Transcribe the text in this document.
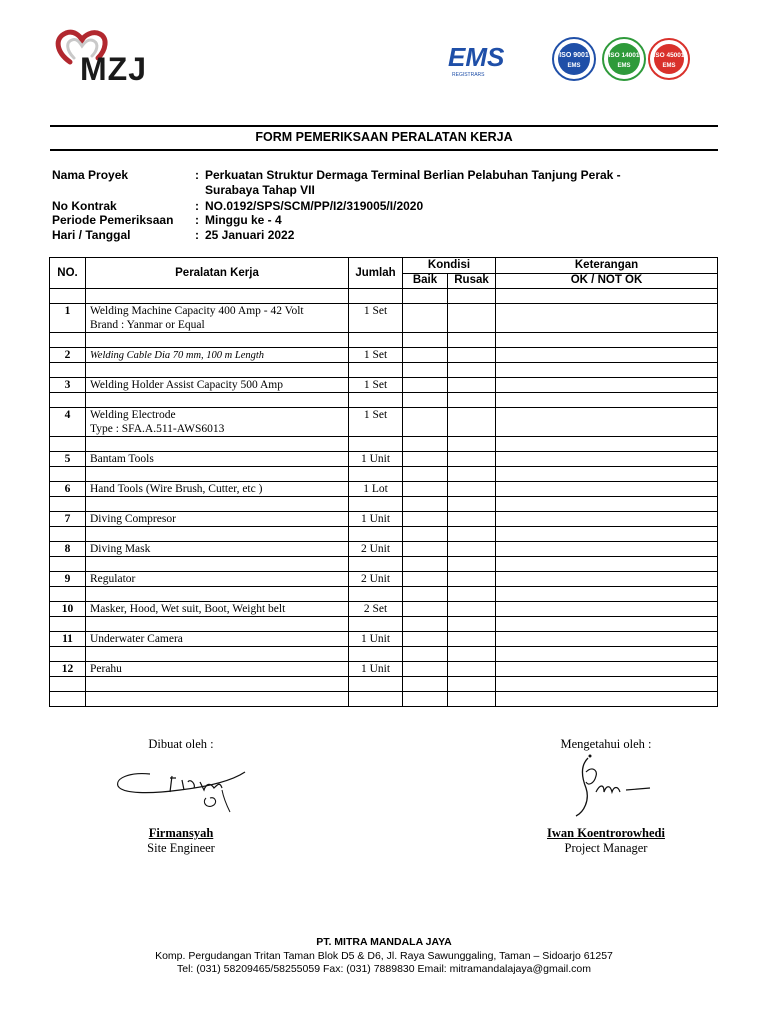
MZJ	EMS
REGISTRARS
ISO 9001
EMS
ISO 14001
EMS
ISO 45001
EMS
FORM PEMERIKSAAN PERALATAN KERJA
Nama Proyek	: Perkuatan Struktur Dermaga Terminal Berlian Pelabuhan Tanjung Perak -
Surabaya Tahap VII
No Kontrak	: NO.0192/SPS/SCM/PP/I2/319005/I/2020
Periode Pemeriksaan : Minggu ke - 4
Hari / Tanggal	: 25 Januari 2022
NO.	Peralatan Kerja	Jumlah	Kondisi		Keterangan
			Baik	Rusak	OK / NOT OK

1	Welding Machine Capacity 400 Amp - 42 Volt	1 Set			
	Brand : Yanmar or Equal				

2	Welding Cable Dia 70 mm, 100 m Length	1 Set			

3	Welding Holder Assist Capacity 500 Amp	1 Set			

4	Welding Electrode	1 Set			
	Type : SFA.A.511-AWS6013				

5	Bantam Tools	1 Unit			

6	Hand Tools (Wire Brush, Cutter, etc )	1 Lot			

7	Diving Compresor	1 Unit			

8	Diving Mask	2 Unit			

9	Regulator	2 Unit			

10	Masker, Hood, Wet suit, Boot, Weight belt	2 Set			

11	Underwater Camera	1 Unit			

12	Perahu	1 Unit			

Dibuat oleh :
Firmansyah
Site Engineer
Mengetahui oleh :
Iwan Koentrorowhedi
Project Manager
PT. MITRA MANDALA JAYA
Komp. Pergudangan Tritan Taman Blok D5 & D6, Jl. Raya Sawunggaling, Taman – Sidoarjo 61257
Tel: (031) 58209465/58255059 Fax: (031) 7889830 Email: mitramandalajaya@gmail.com
